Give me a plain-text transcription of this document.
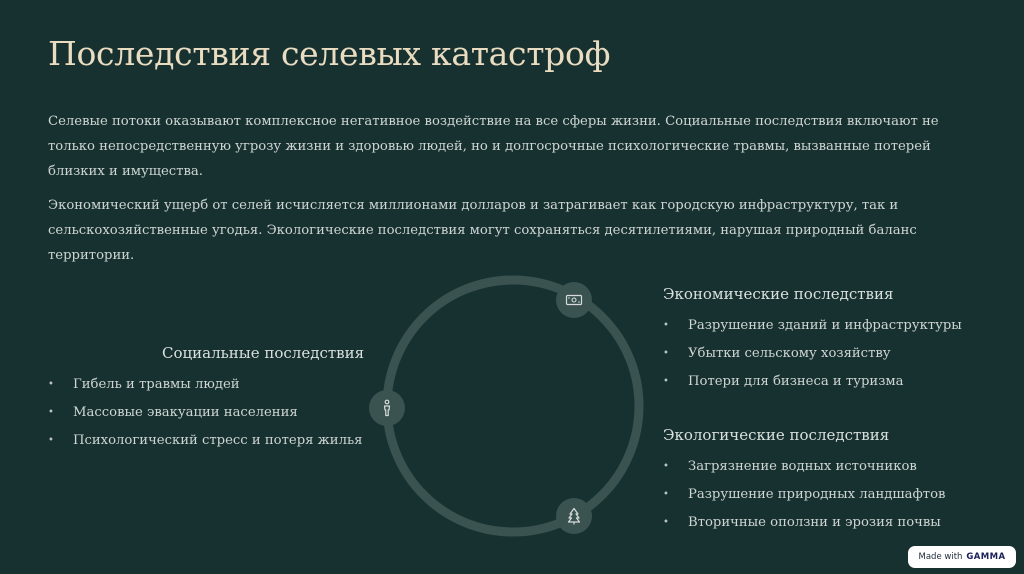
Последствия селевых катастроф

Селевые потоки оказывают комплексное негативное воздействие на все сферы жизни. Социальные последствия включают не только непосредственную угрозу жизни и здоровью людей, но и долгосрочные психологические травмы, вызванные потерей близких и имущества.

Экономический ущерб от селей исчисляется миллионами долларов и затрагивает как городскую инфраструктуру, так и сельскохозяйственные угодья. Экологические последствия могут сохраняться десятилетиями, нарушая природный баланс территории.

Социальные последствия
• Гибель и травмы людей
• Массовые эвакуации населения
• Психологический стресс и потеря жилья
Экономические последствия
• Разрушение зданий и инфраструктуры
• Убытки сельскому хозяйству
• Потери для бизнеса и туризма
Экологические последствия
• Загрязнение водных источников
• Разрушение природных ландшафтов
• Вторичные оползни и эрозия почвы
Made with GAMMA
